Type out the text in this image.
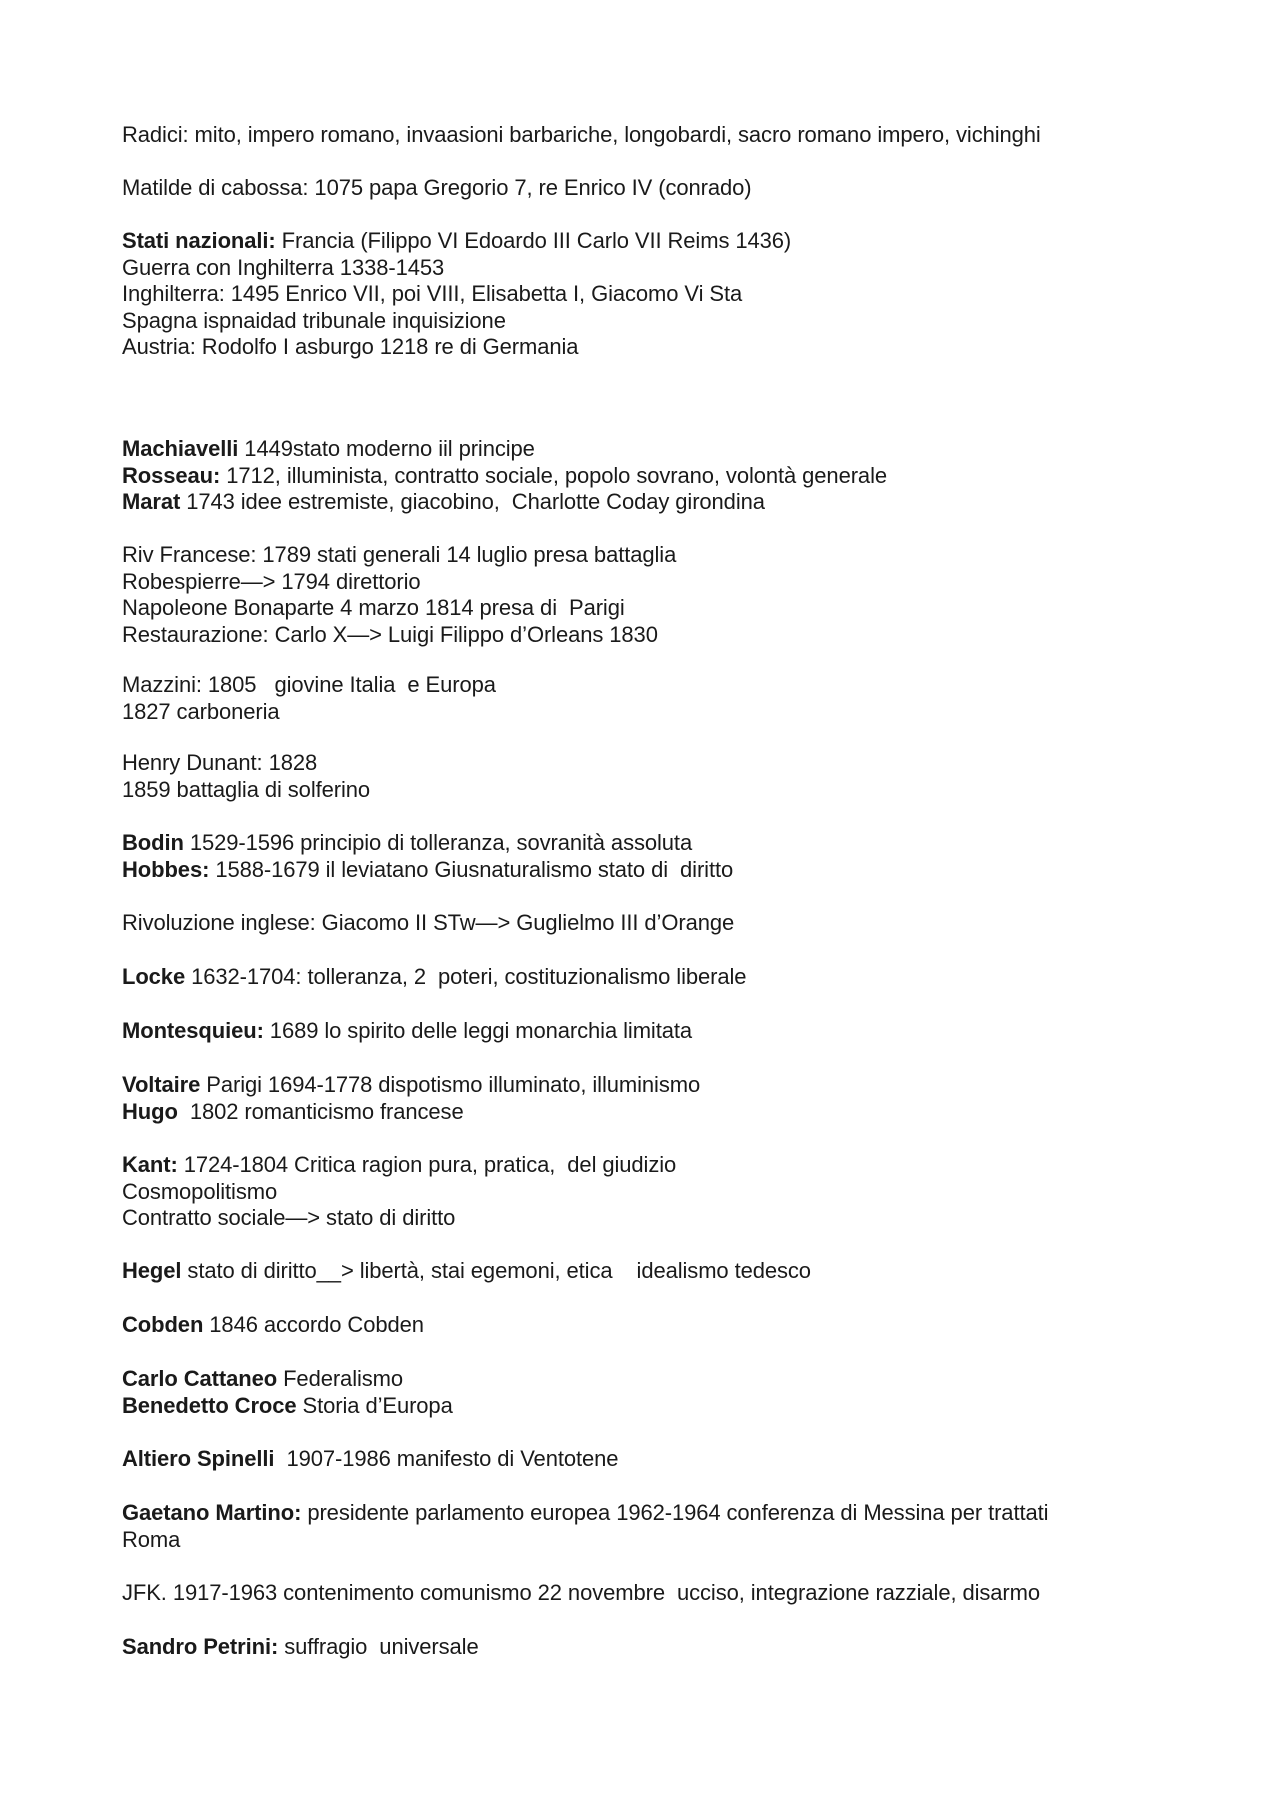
Radici: mito, impero romano, invaasioni barbariche, longobardi, sacro romano impero, vichinghi
Matilde di cabossa: 1075 papa Gregorio 7, re Enrico IV (conrado)
Stati nazionali: Francia (Filippo VI Edoardo III Carlo VII Reims 1436)
Guerra con Inghilterra 1338-1453
Inghilterra: 1495 Enrico VII, poi VIII, Elisabetta I, Giacomo Vi Sta
Spagna ispnaidad tribunale inquisizione
Austria: Rodolfo I asburgo 1218 re di Germania
Machiavelli 1449stato moderno iil principe
Rosseau: 1712, illuminista, contratto sociale, popolo sovrano, volontà generale
Marat 1743 idee estremiste, giacobino,  Charlotte Coday girondina
Riv Francese: 1789 stati generali 14 luglio presa battaglia
Robespierre—> 1794 direttorio
Napoleone Bonaparte 4 marzo 1814 presa di  Parigi
Restaurazione: Carlo X—> Luigi Filippo d’Orleans 1830
Mazzini: 1805   giovine Italia  e Europa
1827 carboneria
Henry Dunant: 1828
1859 battaglia di solferino
Bodin 1529-1596 principio di tolleranza, sovranità assoluta
Hobbes: 1588-1679 il leviatano Giusnaturalismo stato di  diritto
Rivoluzione inglese: Giacomo II STw—> Guglielmo III d’Orange
Locke 1632-1704: tolleranza, 2  poteri, costituzionalismo liberale
Montesquieu: 1689 lo spirito delle leggi monarchia limitata
Voltaire Parigi 1694-1778 dispotismo illuminato, illuminismo
Hugo  1802 romanticismo francese
Kant: 1724-1804 Critica ragion pura, pratica,  del giudizio
Cosmopolitismo
Contratto sociale—> stato di diritto
Hegel stato di diritto__> libertà, stai egemoni, etica    idealismo tedesco
Cobden 1846 accordo Cobden
Carlo Cattaneo Federalismo
Benedetto Croce Storia d’Europa
Altiero Spinelli  1907-1986 manifesto di Ventotene
Gaetano Martino: presidente parlamento europea 1962-1964 conferenza di Messina per trattati
Roma
JFK. 1917-1963 contenimento comunismo 22 novembre  ucciso, integrazione razziale, disarmo
Sandro Petrini: suffragio  universale
